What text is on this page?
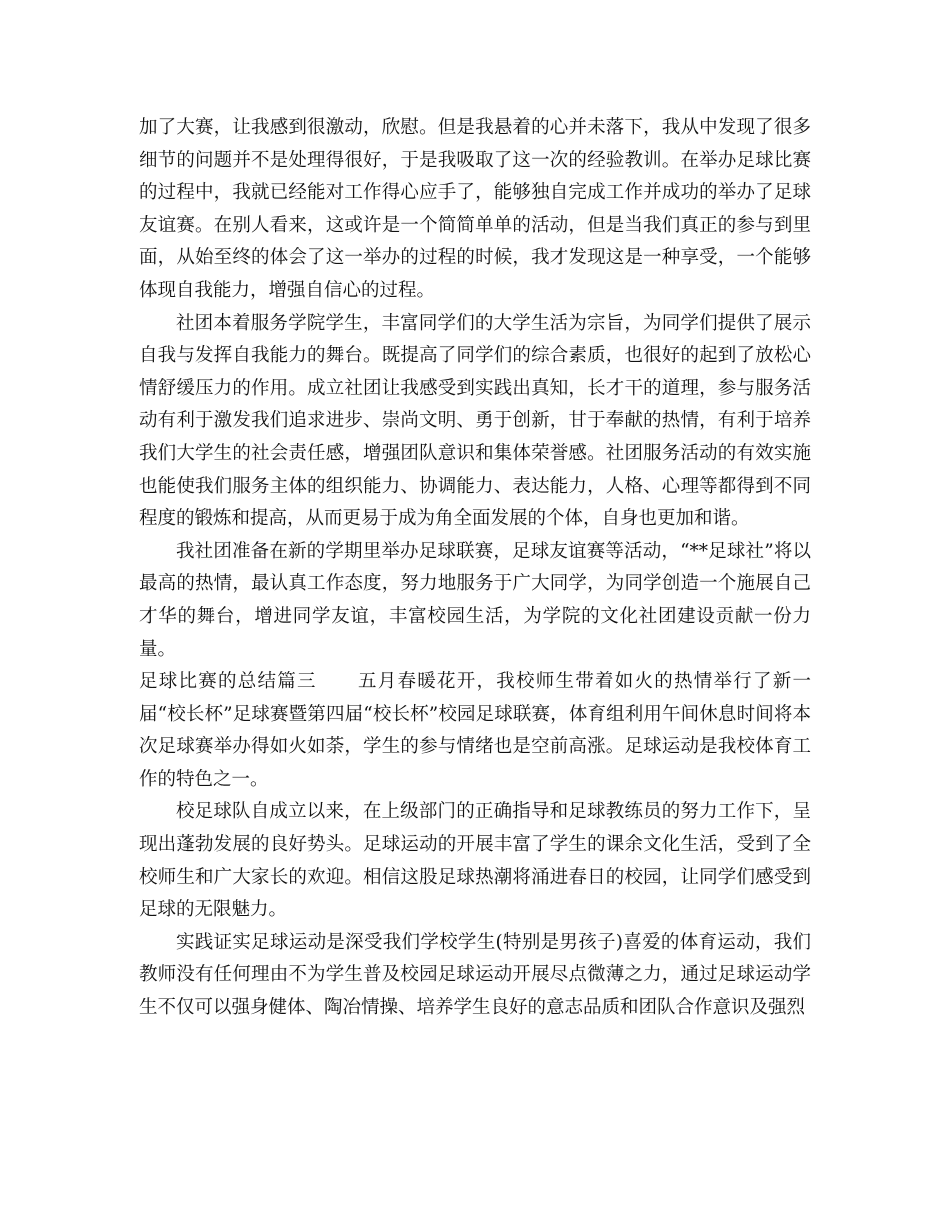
加了大赛，让我感到很激动，欣慰。但是我悬着的心并未落下，我从中发现了很多细节的问题并不是处理得很好，于是我吸取了这一次的经验教训。在举办足球比赛的过程中，我就已经能对工作得心应手了，能够独自完成工作并成功的举办了足球友谊赛。在别人看来，这或许是一个简简单单的活动，但是当我们真正的参与到里面，从始至终的体会了这一举办的过程的时候，我才发现这是一种享受，一个能够体现自我能力，增强自信心的过程。

社团本着服务学院学生，丰富同学们的大学生活为宗旨，为同学们提供了展示自我与发挥自我能力的舞台。既提高了同学们的综合素质，也很好的起到了放松心情舒缓压力的作用。成立社团让我感受到实践出真知，长才干的道理，参与服务活动有利于激发我们追求进步、崇尚文明、勇于创新，甘于奉献的热情，有利于培养我们大学生的社会责任感，增强团队意识和集体荣誉感。社团服务活动的有效实施也能使我们服务主体的组织能力、协调能力、表达能力，人格、心理等都得到不同程度的锻炼和提高，从而更易于成为角全面发展的个体，自身也更加和谐。

我社团准备在新的学期里举办足球联赛，足球友谊赛等活动，“**足球社”将以最高的热情，最认真工作态度，努力地服务于广大同学，为同学创造一个施展自己才华的舞台，增进同学友谊，丰富校园生活，为学院的文化社团建设贡献一份力量。

足球比赛的总结篇三 五月春暖花开，我校师生带着如火的热情举行了新一届“校长杯”足球赛暨第四届“校长杯”校园足球联赛，体育组利用午间休息时间将本次足球赛举办得如火如荼，学生的参与情绪也是空前高涨。足球运动是我校体育工作的特色之一。

校足球队自成立以来，在上级部门的正确指导和足球教练员的努力工作下，呈现出蓬勃发展的良好势头。足球运动的开展丰富了学生的课余文化生活，受到了全校师生和广大家长的欢迎。相信这股足球热潮将涌进春日的校园，让同学们感受到足球的无限魅力。

实践证实足球运动是深受我们学校学生(特别是男孩子)喜爱的体育运动，我们教师没有任何理由不为学生普及校园足球运动开展尽点微薄之力，通过足球运动学生不仅可以强身健体、陶冶情操、培养学生良好的意志品质和团队合作意识及强烈
